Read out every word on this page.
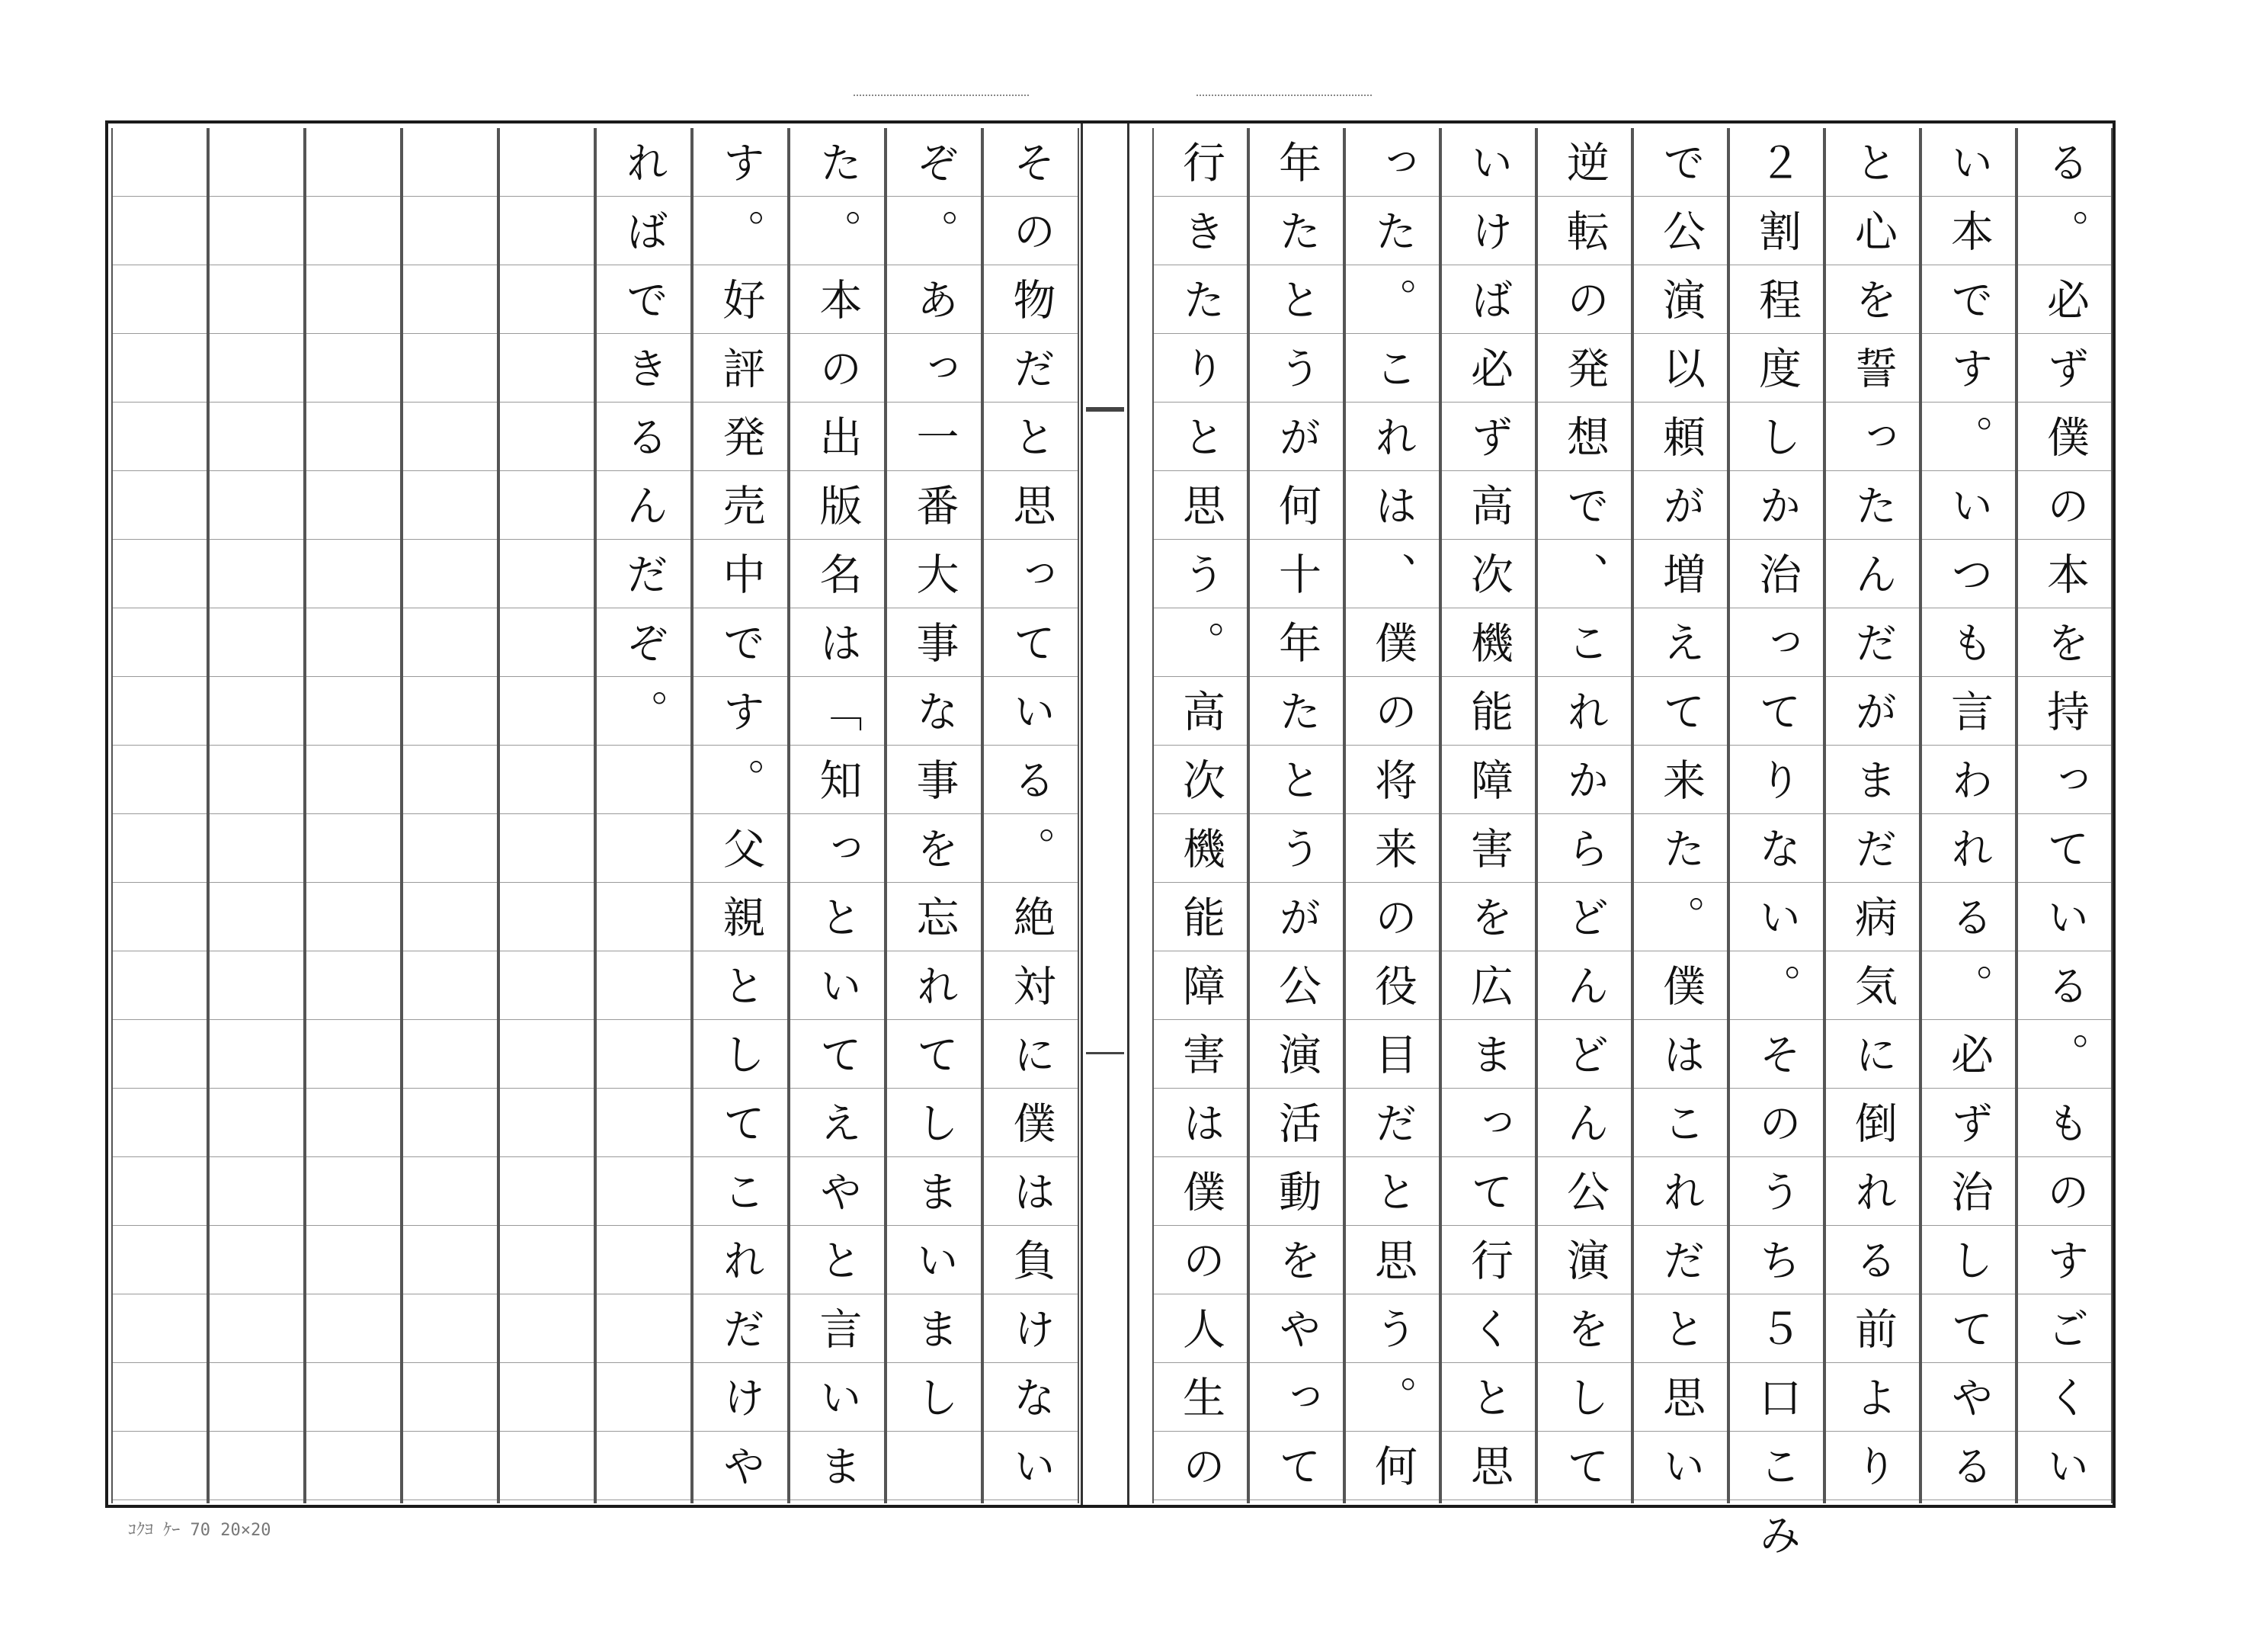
その物だと思っている。絶対に僕は負けない
ぞ。あっ一番大事な事を忘れてしまいまし
た。本の出版名は「知っといてえやと言いま
す。好評発売中です。父親としてこれだけや
ればできるんだぞ。	る。必ず僕の本を持っている。ものすごくい
い本です。いつも言われる。必ず治してやる
と心を誓ったんだがまだ病気に倒れる前より
２割程度しか治ってりない。そのうち５口こみ
で公演以頼が増えて来た。僕はこれだと思い
逆転の発想で、これからどんどん公演をして
いけば必ず高次機能障害を広まって行くと思
った。これは、僕の将来の役目だと思う。何
年たとうが何十年たとうが公演活動をやって
行きたりと思う。高次機能障害は僕の人生の
ｺｸﾖ ｹｰ 70 20×20
